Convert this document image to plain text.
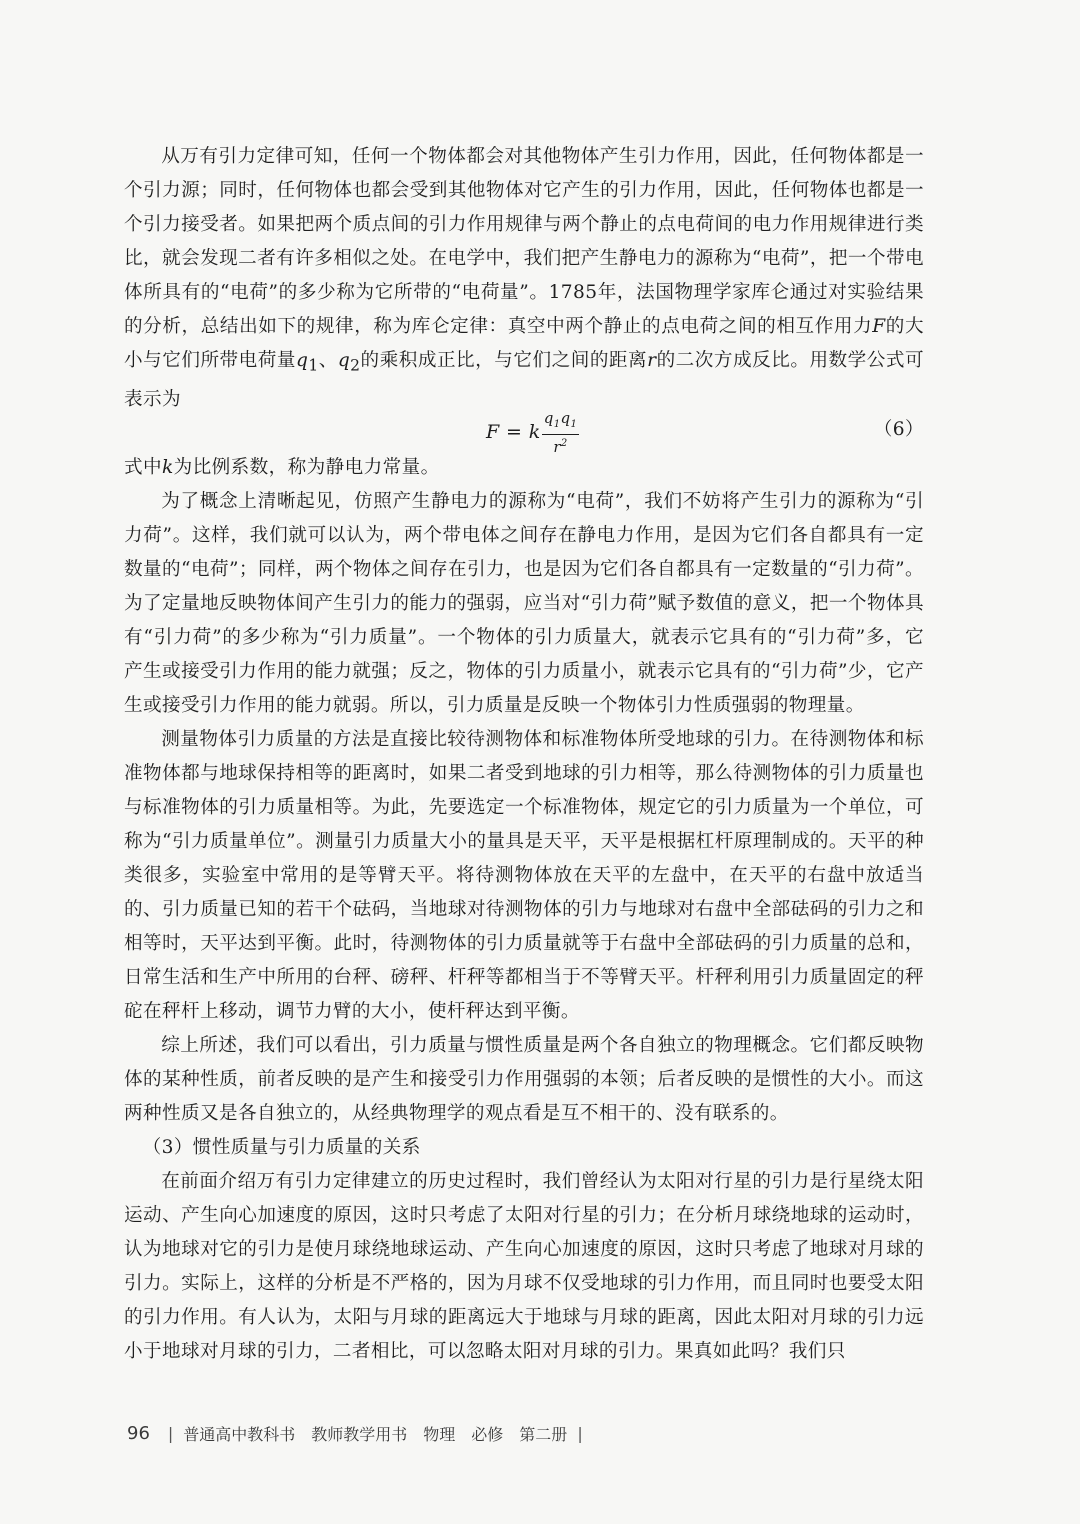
从万有引力定律可知，任何一个物体都会对其他物体产生引力作用，因此，任何物体都是一个引力源；同时，任何物体也都会受到其他物体对它产生的引力作用，因此，任何物体也都是一个引力接受者。如果把两个质点间的引力作用规律与两个静止的点电荷间的电力作用规律进行类比，就会发现二者有许多相似之处。在电学中，我们把产生静电力的源称为“电荷”，把一个带电体所具有的“电荷”的多少称为它所带的“电荷量”。1785年，法国物理学家库仑通过对实验结果的分析，总结出如下的规律，称为库仑定律：真空中两个静止的点电荷之间的相互作用力F的大小与它们所带电荷量$q_1$、$q_2$的乘积成正比，与它们之间的距离r的二次方成反比。用数学公式可表示为

F = k $\frac{q_1q_1}{r^2}$	（6）

式中k为比例系数，称为静电力常量。

为了概念上清晰起见，仿照产生静电力的源称为“电荷”，我们不妨将产生引力的源称为“引力荷”。这样，我们就可以认为，两个带电体之间存在静电力作用，是因为它们各自都具有一定数量的“电荷”；同样，两个物体之间存在引力，也是因为它们各自都具有一定数量的“引力荷”。为了定量地反映物体间产生引力的能力的强弱，应当对“引力荷”赋予数值的意义，把一个物体具有“引力荷”的多少称为“引力质量”。一个物体的引力质量大，就表示它具有的“引力荷”多，它产生或接受引力作用的能力就强；反之，物体的引力质量小，就表示它具有的“引力荷”少，它产生或接受引力作用的能力就弱。所以，引力质量是反映一个物体引力性质强弱的物理量。

测量物体引力质量的方法是直接比较待测物体和标准物体所受地球的引力。在待测物体和标准物体都与地球保持相等的距离时，如果二者受到地球的引力相等，那么待测物体的引力质量也与标准物体的引力质量相等。为此，先要选定一个标准物体，规定它的引力质量为一个单位，可称为“引力质量单位”。测量引力质量大小的量具是天平，天平是根据杠杆原理制成的。天平的种类很多，实验室中常用的是等臂天平。将待测物体放在天平的左盘中，在天平的右盘中放适当的、引力质量已知的若干个砝码，当地球对待测物体的引力与地球对右盘中全部砝码的引力之和相等时，天平达到平衡。此时，待测物体的引力质量就等于右盘中全部砝码的引力质量的总和，日常生活和生产中所用的台秤、磅秤、杆秤等都相当于不等臂天平。杆秤利用引力质量固定的秤砣在秤杆上移动，调节力臂的大小，使杆秤达到平衡。

综上所述，我们可以看出，引力质量与惯性质量是两个各自独立的物理概念。它们都反映物体的某种性质，前者反映的是产生和接受引力作用强弱的本领；后者反映的是惯性的大小。而这两种性质又是各自独立的，从经典物理学的观点看是互不相干的、没有联系的。

（3）惯性质量与引力质量的关系

在前面介绍万有引力定律建立的历史过程时，我们曾经认为太阳对行星的引力是行星绕太阳运动、产生向心加速度的原因，这时只考虑了太阳对行星的引力；在分析月球绕地球的运动时，认为地球对它的引力是使月球绕地球运动、产生向心加速度的原因，这时只考虑了地球对月球的引力。实际上，这样的分析是不严格的，因为月球不仅受地球的引力作用，而且同时也要受太阳的引力作用。有人认为，太阳与月球的距离远大于地球与月球的距离，因此太阳对月球的引力远小于地球对月球的引力，二者相比，可以忽略太阳对月球的引力。果真如此吗？我们只

96 | 普通高中教科书　教师教学用书　物理　必修　第二册 |
